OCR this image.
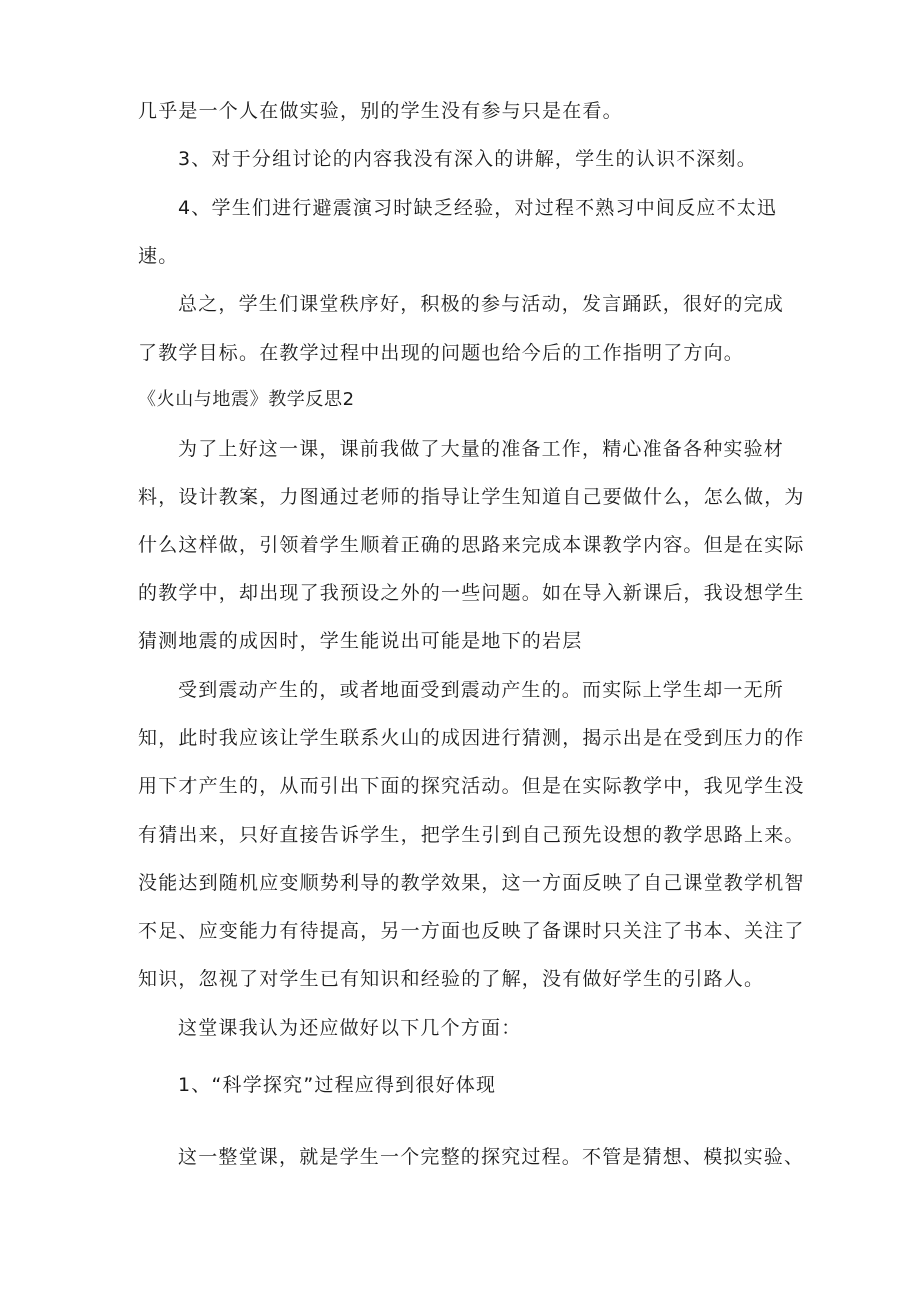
几乎是一个人在做实验，别的学生没有参与只是在看。
3、对于分组讨论的内容我没有深入的讲解，学生的认识不深刻。
4、学生们进行避震演习时缺乏经验，对过程不熟习中间反应不太迅
速。
总之，学生们课堂秩序好，积极的参与活动，发言踊跃，很好的完成
了教学目标。在教学过程中出现的问题也给今后的工作指明了方向。
《火山与地震》教学反思2
为了上好这一课，课前我做了大量的准备工作，精心准备各种实验材
料，设计教案，力图通过老师的指导让学生知道自己要做什么，怎么做，为
什么这样做，引领着学生顺着正确的思路来完成本课教学内容。但是在实际
的教学中，却出现了我预设之外的一些问题。如在导入新课后，我设想学生
猜测地震的成因时，学生能说出可能是地下的岩层
受到震动产生的，或者地面受到震动产生的。而实际上学生却一无所
知，此时我应该让学生联系火山的成因进行猜测，揭示出是在受到压力的作
用下才产生的，从而引出下面的探究活动。但是在实际教学中，我见学生没
有猜出来，只好直接告诉学生，把学生引到自己预先设想的教学思路上来。
没能达到随机应变顺势利导的教学效果，这一方面反映了自己课堂教学机智
不足、应变能力有待提高，另一方面也反映了备课时只关注了书本、关注了
知识，忽视了对学生已有知识和经验的了解，没有做好学生的引路人。
这堂课我认为还应做好以下几个方面：
1、“科学探究”过程应得到很好体现
这一整堂课，就是学生一个完整的探究过程。不管是猜想、模拟实验、
